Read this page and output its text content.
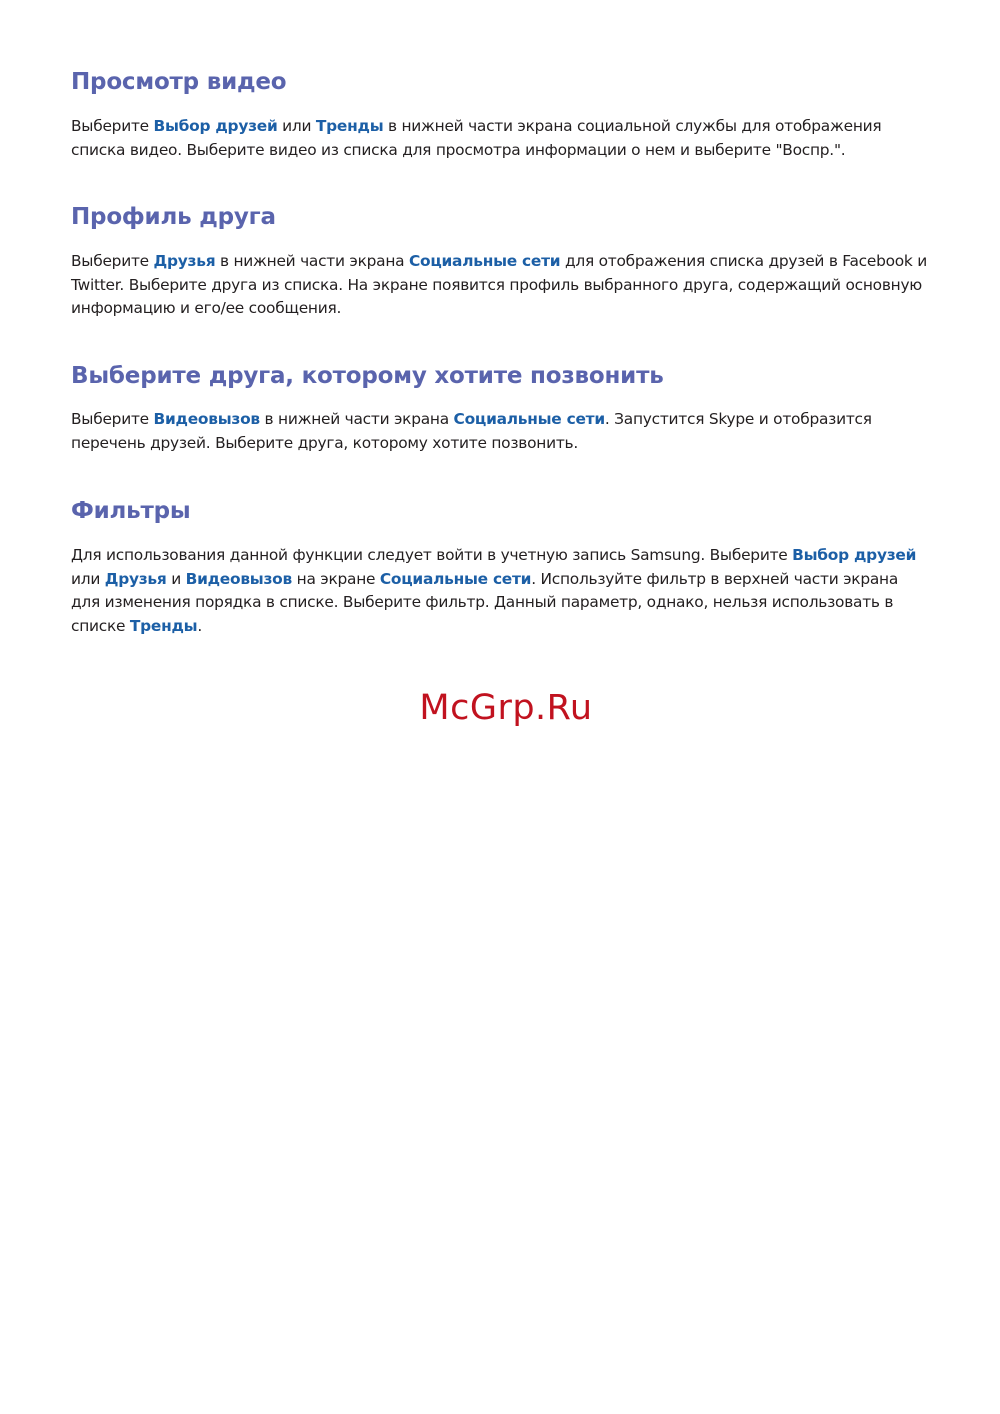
Просмотр видео

Выберите Выбор друзей или Тренды в нижней части экрана социальной службы для отображения списка видео. Выберите видео из списка для просмотра информации о нем и выберите "Воспр.".

Профиль друга

Выберите Друзья в нижней части экрана Социальные сети для отображения списка друзей в Facebook и Twitter. Выберите друга из списка. На экране появится профиль выбранного друга, содержащий основную информацию и его/ее сообщения.

Выберите друга, которому хотите позвонить

Выберите Видеовызов в нижней части экрана Социальные сети. Запустится Skype и отобразится перечень друзей. Выберите друга, которому хотите позвонить.

Фильтры

Для использования данной функции следует войти в учетную запись Samsung. Выберите Выбор друзей или Друзья и Видеовызов на экране Социальные сети. Используйте фильтр в верхней части экрана для изменения порядка в списке. Выберите фильтр. Данный параметр, однако, нельзя использовать в списке Тренды.

McGrp.Ru
